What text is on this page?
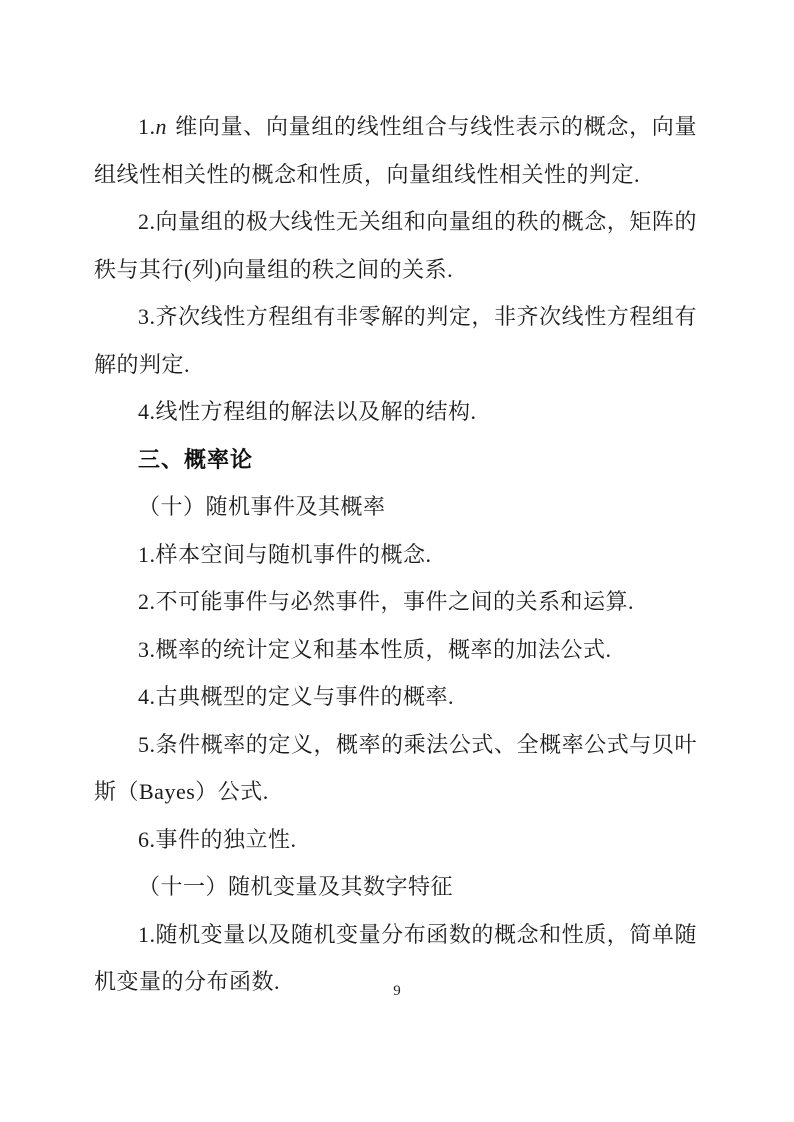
1.n 维向量、向量组的线性组合与线性表示的概念，向量组线性相关性的概念和性质，向量组线性相关性的判定.

2.向量组的极大线性无关组和向量组的秩的概念，矩阵的秩与其行(列)向量组的秩之间的关系.

3.齐次线性方程组有非零解的判定，非齐次线性方程组有解的判定.

4.线性方程组的解法以及解的结构.

三、概率论

（十）随机事件及其概率

1.样本空间与随机事件的概念.

2.不可能事件与必然事件，事件之间的关系和运算.

3.概率的统计定义和基本性质，概率的加法公式.

4.古典概型的定义与事件的概率.

5.条件概率的定义，概率的乘法公式、全概率公式与贝叶斯（Bayes）公式.

6.事件的独立性.

（十一）随机变量及其数字特征

1.随机变量以及随机变量分布函数的概念和性质，简单随机变量的分布函数.	9
